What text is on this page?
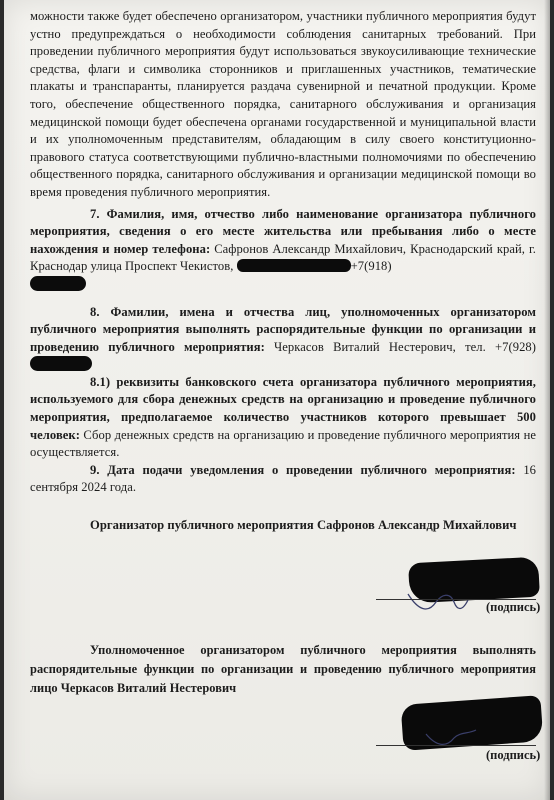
можности также будет обеспечено организатором, участники публичного мероприятия будут устно предупреждаться о необходимости соблюдения санитарных требований. При проведении публичного мероприятия будут использоваться звукоусиливающие технические средства, флаги и символика сторонников и приглашенных участников, тематические плакаты и транспаранты, планируется раздача сувенирной и печатной продукции. Кроме того, обеспечение общественного порядка, санитарного обслуживания и организация медицинской помощи будет обеспечена органами государственной и муниципальной власти и их уполномоченным представителям, обладающим в силу своего конституционно-правового статуса соответствующими публично-властными полномочиями по обеспечению общественного порядка, санитарного обслуживания и организации медицинской помощи во время проведения публичного мероприятия.

7. Фамилия, имя, отчество либо наименование организатора публичного мероприятия, сведения о его месте жительства или пребывания либо о месте нахождения и номер телефона: Сафронов Александр Михайлович, Краснодарский край, г. Краснодар улица Проспект Чекистов,	+7(918)

8. Фамилии, имена и отчества лиц, уполномоченных организатором публичного мероприятия выполнять распорядительные функции по организации и проведению публичного мероприятия: Черкасов Виталий Нестерович, тел. +7(928)

8.1) реквизиты банковского счета организатора публичного мероприятия, используемого для сбора денежных средств на организацию и проведение публичного мероприятия, предполагаемое количество участников которого превышает 500 человек: Сбор денежных средств на организацию и проведение публичного мероприятия не осуществляется.

9. Дата подачи уведомления о проведении публичного мероприятия: 16 сентября 2024 года.

Организатор публичного мероприятия Сафронов Александр Михайлович

(подпись)

Уполномоченное организатором публичного мероприятия выполнять распорядительные функции по организации и проведению публичного мероприятия лицо Черкасов Виталий Нестерович

(подпись)
